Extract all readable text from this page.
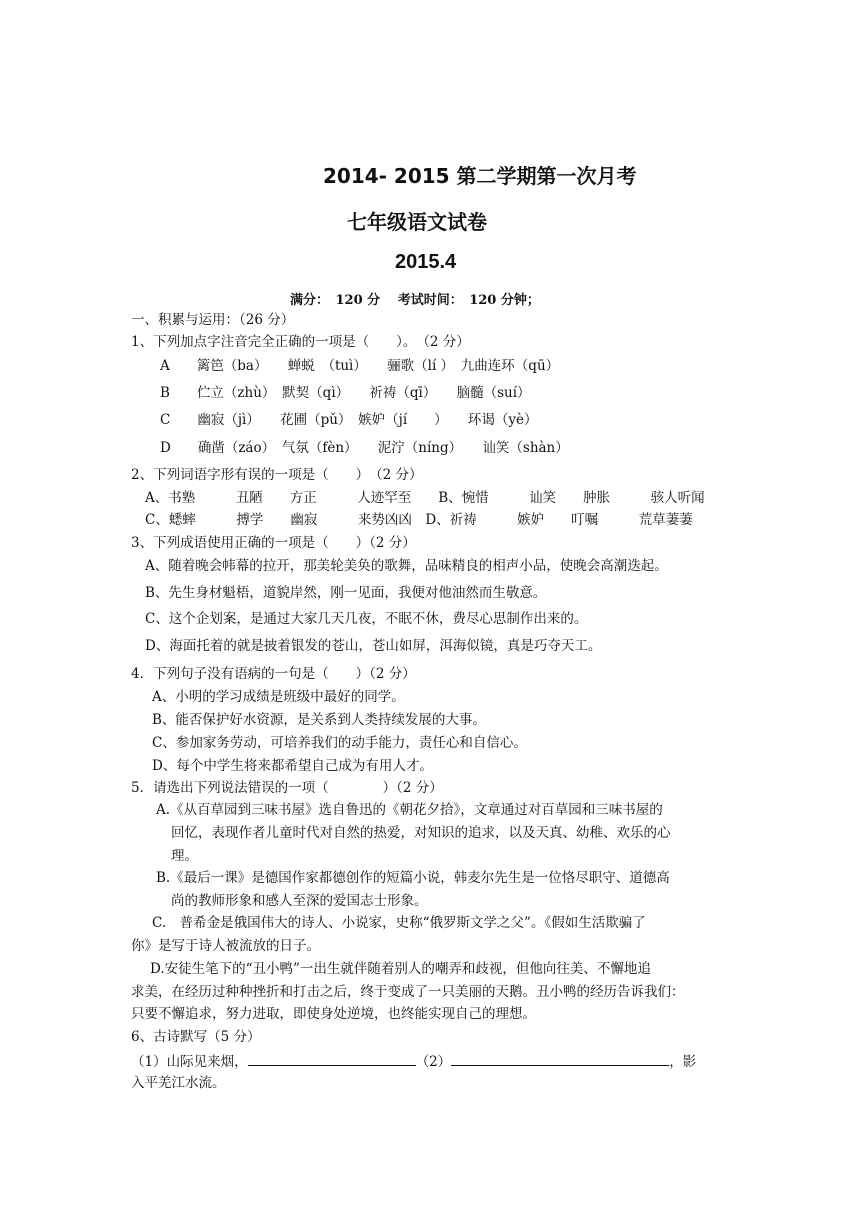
2014- 2015 第二学期第一次月考
七年级语文试卷
2015.4
满分：　120 分　 考试时间：　120 分钟；
一、积累与运用：（26 分）
1、下列加点字注音完全正确的一项是（　　）。　（2 分）
A　　篱笆（ba）　　蝉蜕　（tuì）　　骊歌（lí ）　九曲连环（qū）
B　　伫立（zhù）　默契（qì）　　祈祷（qī）　　脑髓（suí）
C　　幽寂（jì）　　花圃（pǔ）　嫉妒（jí　　）　　环谒（yè）
D　　确凿（záo）　气氛（fèn）　　泥泞（níng）　　讪笑（shàn）
2、下列词语字形有误的一项是（　　）　（2 分）
A、书塾　　　丑陋　　方正　　　人迹罕至　　B、惋惜　　　讪笑　　肿胀　　　骇人听闻
C、蟋蟀　　　搏学　　幽寂　　　来势凶凶　D、祈祷　　　嫉妒　　叮嘱　　　荒草萋萋
3、下列成语使用正确的一项是（　　）（2 分）
A、随着晚会帏幕的拉开，那美轮美奂的歌舞，品味精良的相声小品，使晚会高潮迭起。
B、先生身材魁梧，道貌岸然，刚一见面，我便对他油然而生敬意。
C、这个企划案，是通过大家几天几夜，不眠不休，费尽心思制作出来的。
D、海面托着的就是披着银发的苍山，苍山如屏，洱海似镜，真是巧夺天工。
4．下列句子没有语病的一句是（　　）（2 分）
A、小明的学习成绩是班级中最好的同学。
B、能否保护好水资源，是关系到人类持续发展的大事。
C、参加家务劳动，可培养我们的动手能力，责任心和自信心。
D、每个中学生将来都希望自己成为有用人才。
5．请选出下列说法错误的一项（　　　　）（2 分）
A.《从百草园到三味书屋》选自鲁迅的《朝花夕拾》，文章通过对百草园和三味书屋的
回忆，表现作者儿童时代对自然的热爱，对知识的追求，以及天真、幼稚、欢乐的心
理。
B.《最后一课》是德国作家都德创作的短篇小说，韩麦尔先生是一位恪尽职守、道德高
尚的教师形象和感人至深的爱国志士形象。
C.　普希金是俄国伟大的诗人、小说家，史称“俄罗斯文学之父”。《假如生活欺骗了
你》是写于诗人被流放的日子。
D.安徒生笔下的“丑小鸭”一出生就伴随着别人的嘲弄和歧视，但他向往美、不懈地追
求美，在经历过种种挫折和打击之后，终于变成了一只美丽的天鹅。丑小鸭的经历告诉我们：
只要不懈追求，努力进取，即使身处逆境，也终能实现自己的理想。
6、古诗默写（5 分）
（1）山际见来烟，	（2）	，影
入平羌江水流。
